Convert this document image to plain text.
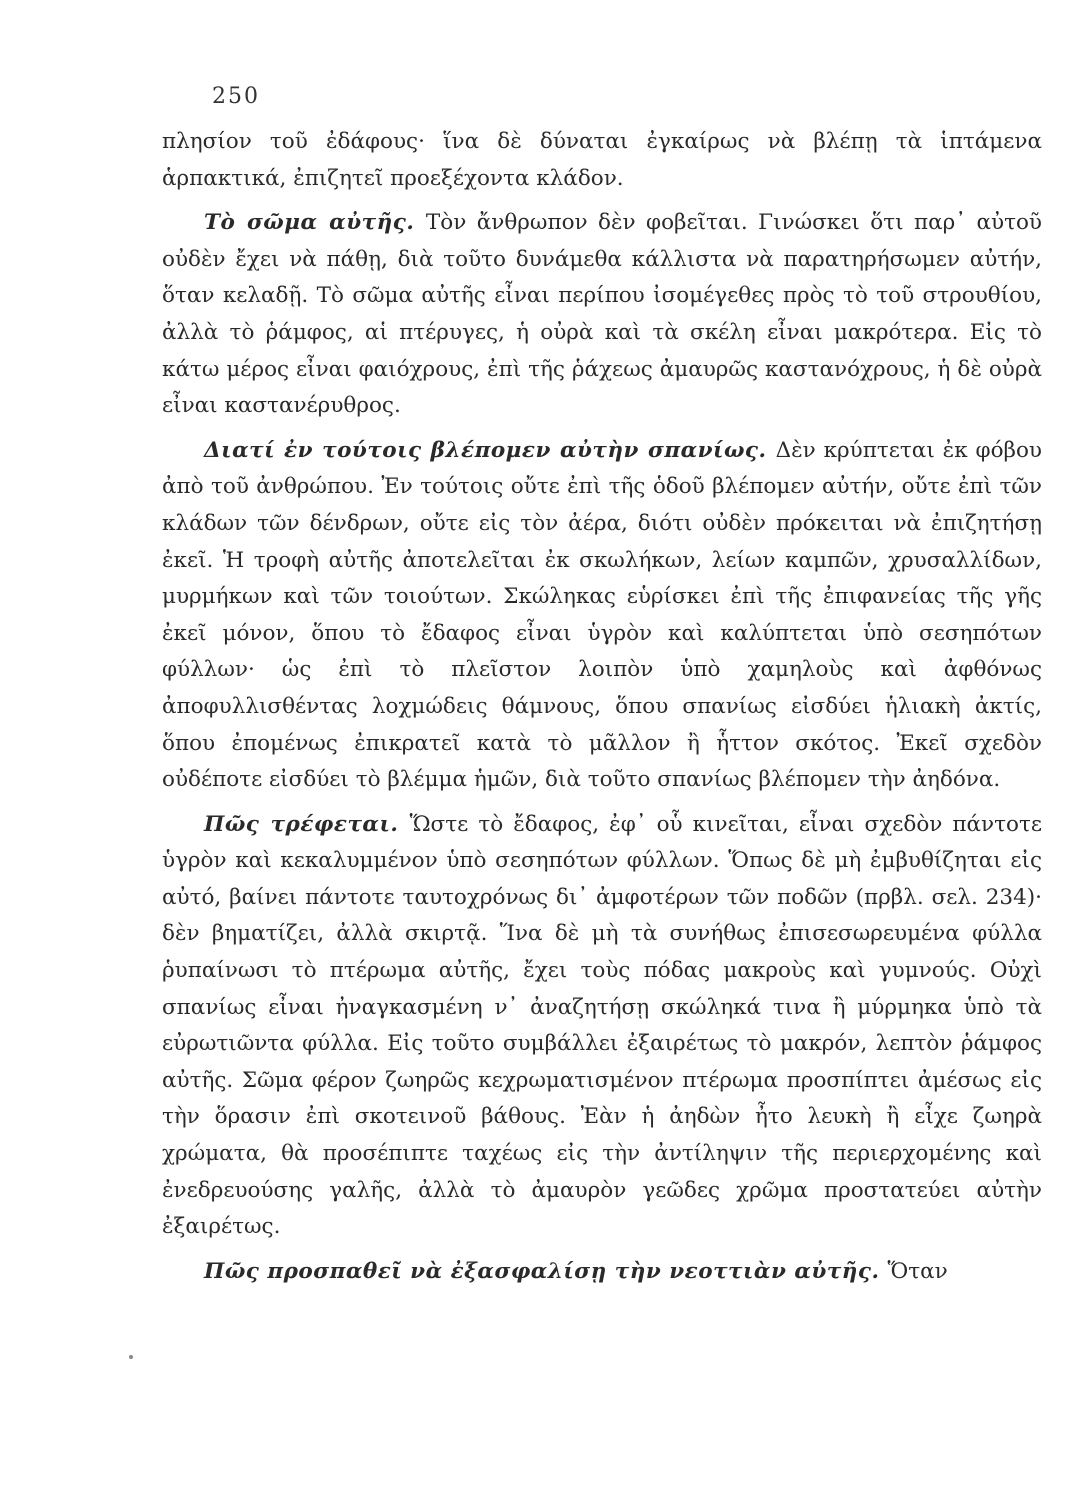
250

πλησίον τοῦ ἐδάφους· ἵνα δὲ δύναται ἐγκαίρως νὰ βλέπῃ τὰ ἱπτάμενα ἁρπακτικά, ἐπιζητεῖ προεξέχοντα κλάδον.

Τὸ σῶμα αὐτῆς. Τὸν ἄνθρωπον δὲν φοβεῖται. Γινώσκει ὅτι παρ᾽ αὐτοῦ οὐδὲν ἔχει νὰ πάθῃ, διὰ τοῦτο δυνάμεθα κάλλιστα νὰ παρατηρήσωμεν αὐτήν, ὅταν κελαδῇ. Τὸ σῶμα αὐτῆς εἶναι περίπου ἰσομέγεθες πρὸς τὸ τοῦ στρουθίου, ἀλλὰ τὸ ῥάμφος, αἱ πτέρυγες, ἡ οὐρὰ καὶ τὰ σκέλη εἶναι μακρότερα. Εἰς τὸ κάτω μέρος εἶναι φαιόχρους, ἐπὶ τῆς ῥάχεως ἀμαυρῶς καστανόχρους, ἡ δὲ οὐρὰ εἶναι καστανέρυθρος.

Διατί ἐν τούτοις βλέπομεν αὐτὴν σπανίως. Δὲν κρύπτεται ἐκ φόβου ἀπὸ τοῦ ἀνθρώπου. Ἐν τούτοις οὔτε ἐπὶ τῆς ὁδοῦ βλέπομεν αὐτήν, οὔτε ἐπὶ τῶν κλάδων τῶν δένδρων, οὔτε εἰς τὸν ἀέρα, διότι οὐδὲν πρόκειται νὰ ἐπιζητήσῃ ἐκεῖ. Ἡ τροφὴ αὐτῆς ἀποτελεῖται ἐκ σκωλήκων, λείων καμπῶν, χρυσαλλίδων, μυρμήκων καὶ τῶν τοιούτων. Σκώληκας εὑρίσκει ἐπὶ τῆς ἐπιφανείας τῆς γῆς ἐκεῖ μόνον, ὅπου τὸ ἔδαφος εἶναι ὑγρὸν καὶ καλύπτεται ὑπὸ σεσηπότων φύλλων· ὡς ἐπὶ τὸ πλεῖστον λοιπὸν ὑπὸ χαμηλοὺς καὶ ἀφθόνως ἀποφυλλισθέντας λοχμώδεις θάμνους, ὅπου σπανίως εἰσδύει ἡλιακὴ ἀκτίς, ὅπου ἐπομένως ἐπικρατεῖ κατὰ τὸ μᾶλλον ἢ ἧττον σκότος. Ἐκεῖ σχεδὸν οὐδέποτε εἰσδύει τὸ βλέμμα ἡμῶν, διὰ τοῦτο σπανίως βλέπομεν τὴν ἀηδόνα.

Πῶς τρέφεται. Ὥστε τὸ ἔδαφος, ἐφ᾽ οὗ κινεῖται, εἶναι σχεδὸν πάντοτε ὑγρὸν καὶ κεκαλυμμένον ὑπὸ σεσηπότων φύλλων. Ὅπως δὲ μὴ ἐμβυθίζηται εἰς αὐτό, βαίνει πάντοτε ταυτοχρόνως δι᾽ ἀμφοτέρων τῶν ποδῶν (πρβλ. σελ. 234)· δὲν βηματίζει, ἀλλὰ σκιρτᾷ. Ἵνα δὲ μὴ τὰ συνήθως ἐπισεσωρευμένα φύλλα ῥυπαίνωσι τὸ πτέρωμα αὐτῆς, ἔχει τοὺς πόδας μακροὺς καὶ γυμνούς. Οὐχὶ σπανίως εἶναι ἠναγκασμένη ν᾽ ἀναζητήσῃ σκώληκά τινα ἢ μύρμηκα ὑπὸ τὰ εὐρωτιῶντα φύλλα. Εἰς τοῦτο συμβάλλει ἐξαιρέτως τὸ μακρόν, λεπτὸν ῥάμφος αὐτῆς. Σῶμα φέρον ζωηρῶς κεχρωματισμένον πτέρωμα προσπίπτει ἀμέσως εἰς τὴν ὅρασιν ἐπὶ σκοτεινοῦ βάθους. Ἐὰν ἡ ἀηδὼν ἦτο λευκὴ ἢ εἶχε ζωηρὰ χρώματα, θὰ προσέπιπτε ταχέως εἰς τὴν ἀντίληψιν τῆς περιερχομένης καὶ ἐνεδρευούσης γαλῆς, ἀλλὰ τὸ ἀμαυρὸν γεῶδες χρῶμα προστατεύει αὐτὴν ἐξαιρέτως.

Πῶς προσπαθεῖ νὰ ἐξασφαλίσῃ τὴν νεοττιὰν αὐτῆς. Ὅταν
